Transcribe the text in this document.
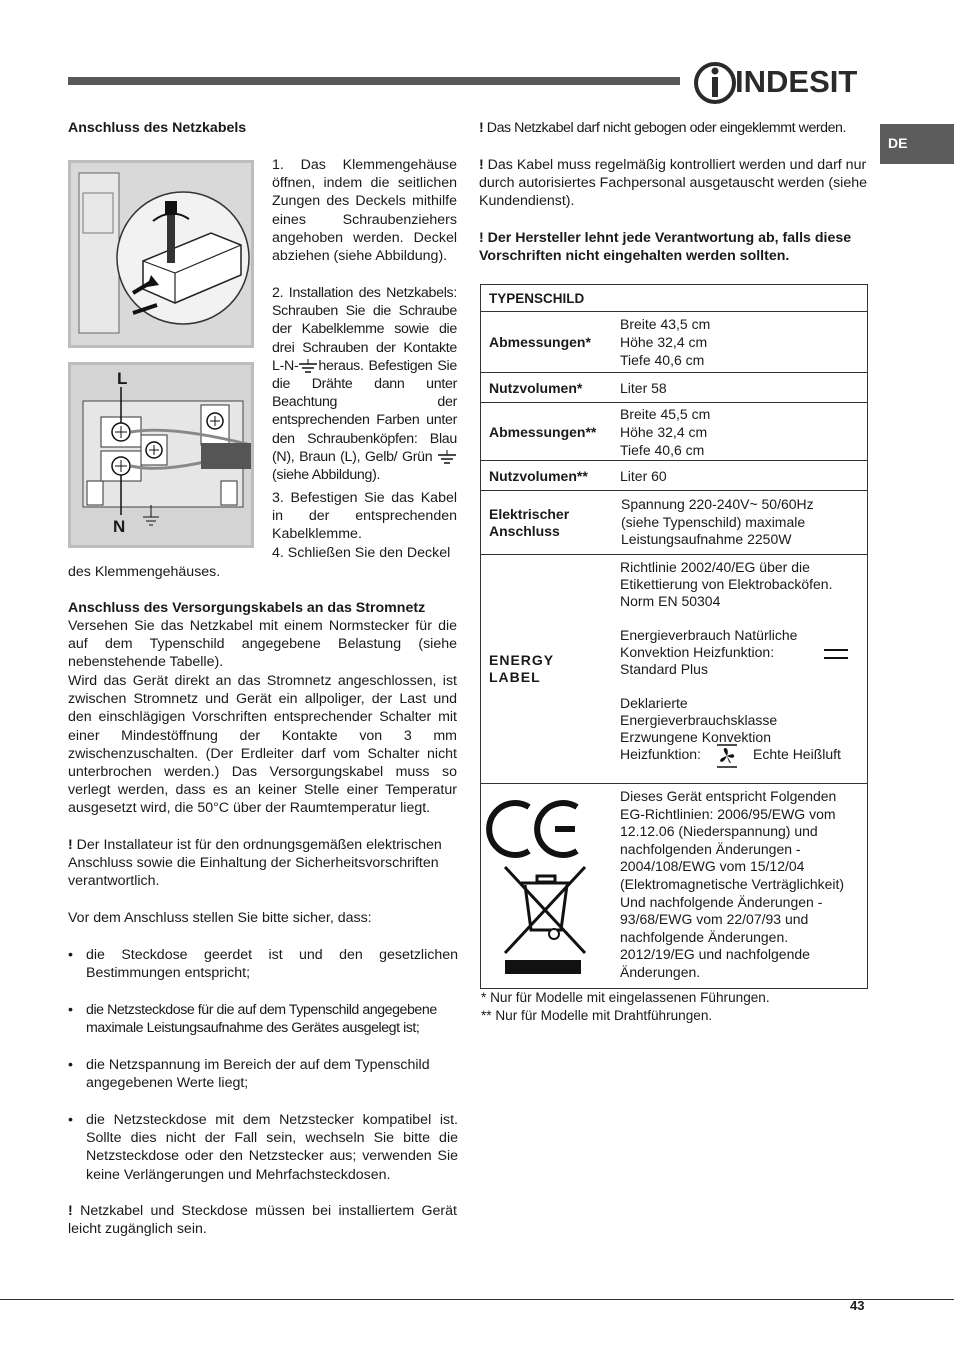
INDESIT
DE
Anschluss des Netzkabels
1. Das Klemmengehäuse öffnen, indem die seitlichen Zungen des Deckels mithilfe eines Schraubenziehers angehoben werden. Deckel abziehen (siehe Abbildung).
2. Installation des Netzkabels: Schrauben Sie die Schraube der Kabelklemme sowie die drei Schrauben der Kontakte L-N- heraus. Befestigen Sie die Drähte dann unter Beachtung der entsprechenden Farben unter den Schraubenköpfen: Blau (N), Braun (L), Gelb/ Grün  (siehe Abbildung).
3. Befestigen Sie das Kabel in der entsprechenden Kabelklemme.
4. Schließen Sie den Deckel
des Klemmengehäuses.
L
N
Anschluss des Versorgungskabels an das Stromnetz
Versehen Sie das Netzkabel mit einem Normstecker für die auf dem Typenschild angegebene Belastung (siehe nebenstehende Tabelle).
Wird das Gerät direkt an das Stromnetz angeschlossen, ist zwischen Stromnetz und Gerät ein allpoliger, der Last und den einschlägigen Vorschriften entsprechender Schalter mit einer Mindestöffnung der Kontakte von 3 mm zwischenzuschalten. (Der Erdleiter darf vom Schalter nicht unterbrochen werden.) Das Versorgungskabel muss so verlegt werden, dass es an keiner Stelle einer Temperatur ausgesetzt wird, die 50°C über der Raumtemperatur liegt.
! Der Installateur ist für den ordnungsgemäßen elektrischen Anschluss sowie die Einhaltung der Sicherheitsvorschriften verantwortlich.
Vor dem Anschluss stellen Sie bitte sicher, dass:
• die Steckdose geerdet ist und den gesetzlichen Bestimmungen entspricht;
• die Netzsteckdose für die auf dem Typenschild angegebene maximale Leistungsaufnahme des Gerätes ausgelegt ist;
• die Netzspannung im Bereich der auf dem Typenschild angegebenen Werte liegt;
• die Netzsteckdose mit dem Netzstecker kompatibel ist. Sollte dies nicht der Fall sein, wechseln Sie bitte die Netzsteckdose oder den Netzstecker aus; verwenden Sie keine Verlängerungen und Mehrfachsteckdosen.
! Netzkabel und Steckdose müssen bei installiertem Gerät leicht zugänglich sein.
! Das Netzkabel darf nicht gebogen oder eingeklemmt werden.
! Das Kabel muss regelmäßig kontrolliert werden und darf nur durch autorisiertes Fachpersonal ausgetauscht werden (siehe Kundendienst).
! Der Hersteller lehnt jede Verantwortung ab, falls diese Vorschriften nicht eingehalten werden sollten.
TYPENSCHILD	
Abmessungen*	Breite 43,5 cm
Höhe 32,4 cm
Tiefe 40,6 cm

Nutzvolumen*	Liter 58

Abmessungen**	Breite 45,5 cm
Höhe 32,4 cm
Tiefe 40,6 cm

Nutzvolumen**	Liter 60

Elektrischer Anschluss	Spannung 220-240V~ 50/60Hz
(siehe Typenschild) maximale
Leistungsaufnahme 2250W

ENERGY LABEL	Richtlinie 2002/40/EG über die Etikettierung von Elektrobacköfen. Norm EN 50304
Energieverbrauch Natürliche Konvektion Heizfunktion:
Standard Plus
Deklarierte Energieverbrauchsklasse Erzwungene Konvektion Heizfunktion: Echte Heißluft

Dieses Gerät entspricht Folgenden EG-Richtlinien: 2006/95/EWG vom 12.12.06 (Niederspannung) und nachfolgenden Änderungen - 2004/108/EWG vom 15/12/04 (Elektromagnetische Verträglichkeit) Und nachfolgende Änderungen - 93/68/EWG vom 22/07/93 und nachfolgende Änderungen. 2012/19/EG und nachfolgende Änderungen.
* Nur für Modelle mit eingelassenen Führungen.
** Nur für Modelle mit Drahtführungen.
43
